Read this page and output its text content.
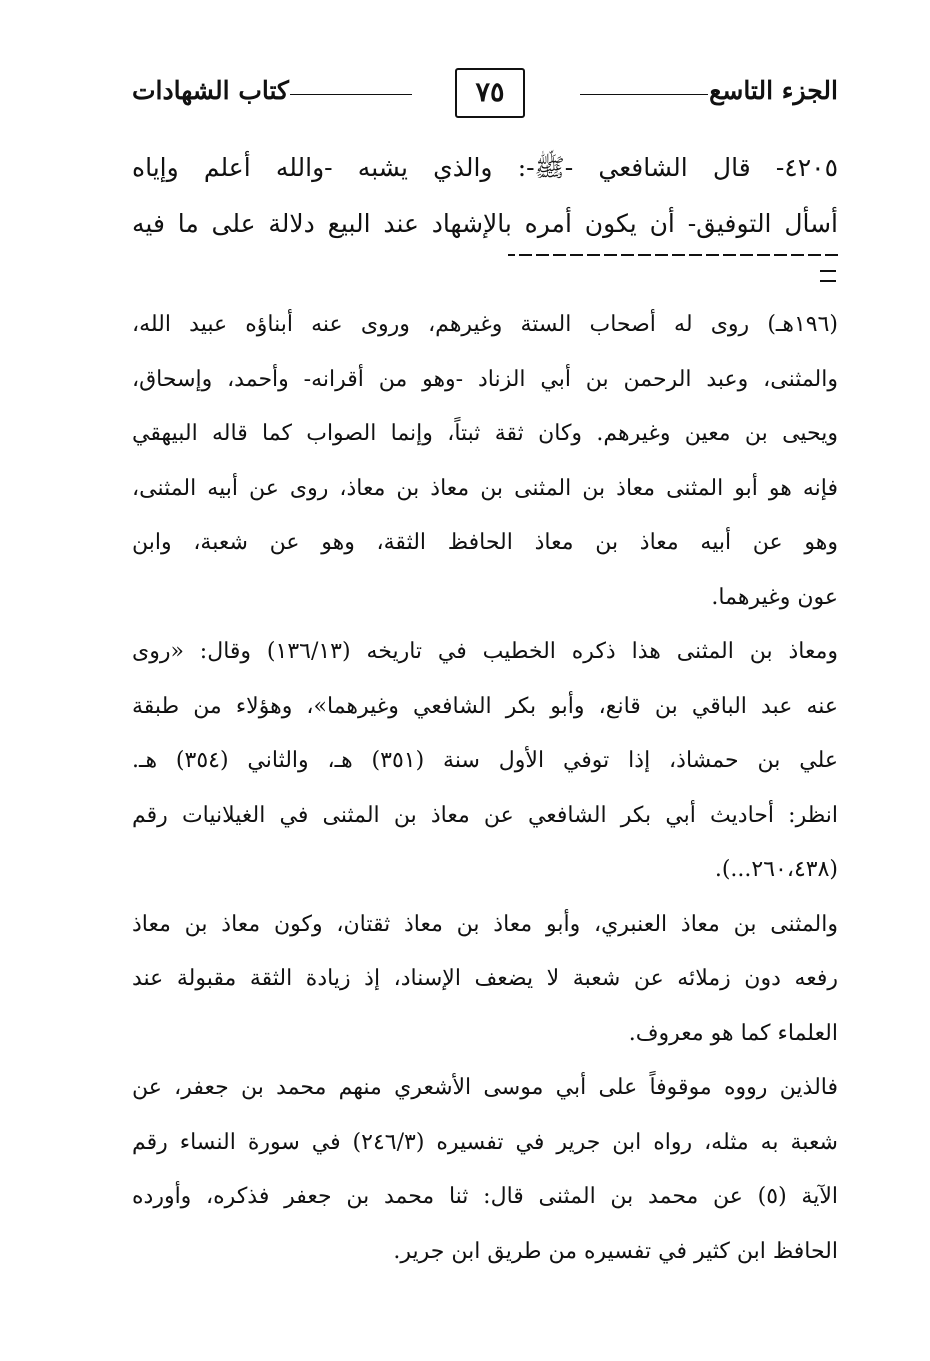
الجزء التاسع
٧٥
كتاب الشهادات
٤٢٠٥- قال الشافعي -ﷺ-: والذي يشبه -والله أعلم وإياه
أسأل التوفيق- أن يكون أمره بالإشهاد عند البيع دلالة على ما فيه
(١٩٦هـ) روى له أصحاب الستة وغيرهم، وروى عنه أبناؤه عبيد الله،
والمثنى، وعبد الرحمن بن أبي الزناد -وهو من أقرانه- وأحمد، وإسحاق،
ويحيى بن معين وغيرهم. وكان ثقة ثبتاً، وإنما الصواب كما قاله البيهقي
فإنه هو أبو المثنى معاذ بن المثنى بن معاذ بن معاذ، روى عن أبيه المثنى،
وهو عن أبيه معاذ بن معاذ الحافظ الثقة، وهو عن شعبة، وابن
عون وغيرهما.
ومعاذ بن المثنى هذا ذكره الخطيب في تاريخه (١٣٦/١٣) وقال: «روى
عنه عبد الباقي بن قانع، وأبو بكر الشافعي وغيرهما»، وهؤلاء من طبقة
علي بن حمشاذ، إذا توفي الأول سنة (٣٥١) هـ، والثاني (٣٥٤) هـ.
انظر: أحاديث أبي بكر الشافعي عن معاذ بن المثنى في الغيلانيات رقم
(٢٦٠،٤٣٨...).
والمثنى بن معاذ العنبري، وأبو معاذ بن معاذ ثقتان، وكون معاذ بن معاذ
رفعه دون زملائه عن شعبة لا يضعف الإسناد، إذ زيادة الثقة مقبولة عند
العلماء كما هو معروف.
فالذين رووه موقوفاً على أبي موسى الأشعري منهم محمد بن جعفر، عن
شعبة به مثله، رواه ابن جرير في تفسيره (٢٤٦/٣) في سورة النساء رقم
الآية (٥) عن محمد بن المثنى قال: ثنا محمد بن جعفر فذكره، وأورده
الحافظ ابن كثير في تفسيره من طريق ابن جرير.
